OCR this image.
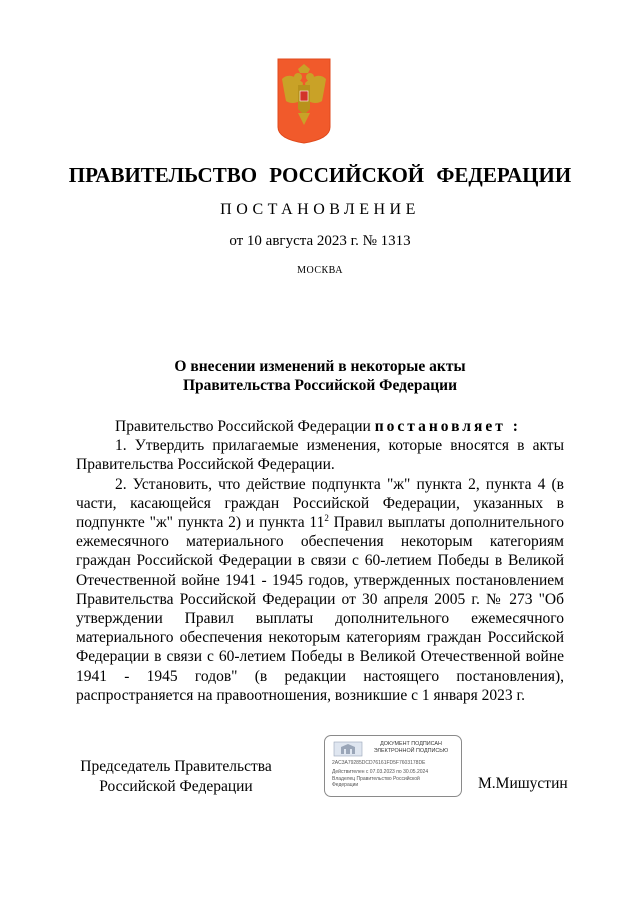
ПРАВИТЕЛЬСТВО РОССИЙСКОЙ ФЕДЕРАЦИИ
ПОСТАНОВЛЕНИЕ
от 10 августа 2023 г. № 1313
МОСКВА
О внесении изменений в некоторые акты
Правительства Российской Федерации

Правительство Российской Федерации постановляет :

1. Утвердить прилагаемые изменения, которые вносятся в акты Правительства Российской Федерации.

2. Установить, что действие подпункта "ж" пункта 2, пункта 4 (в части, касающейся граждан Российской Федерации, указанных в подпункте "ж" пункта 2) и пункта $11^2$ Правил выплаты дополнительного ежемесячного материального обеспечения некоторым категориям граждан Российской Федерации в связи с 60-летием Победы в Великой Отечественной войне 1941 - 1945 годов, утвержденных постановлением Правительства Российской Федерации от 30 апреля 2005 г. № 273 "Об утверждении Правил выплаты дополнительного ежемесячного материального обеспечения некоторым категориям граждан Российской Федерации в связи с 60-летием Победы в Великой Отечественной войне 1941 - 1945 годов" (в редакции настоящего постановления), распространяется на правоотношения, возникшие с 1 января 2023 г.

Председатель Правительства
Российской Федерации
ДОКУМЕНТ ПОДПИСАН
ЭЛЕКТРОННОЙ ПОДПИСЬЮ
2AC3A79285DCD76161FD5F7603178DE
Действителен с 07.03.2023 по 30.05.2024
Владелец Правительство Российской
Федерации	М.Мишустин
